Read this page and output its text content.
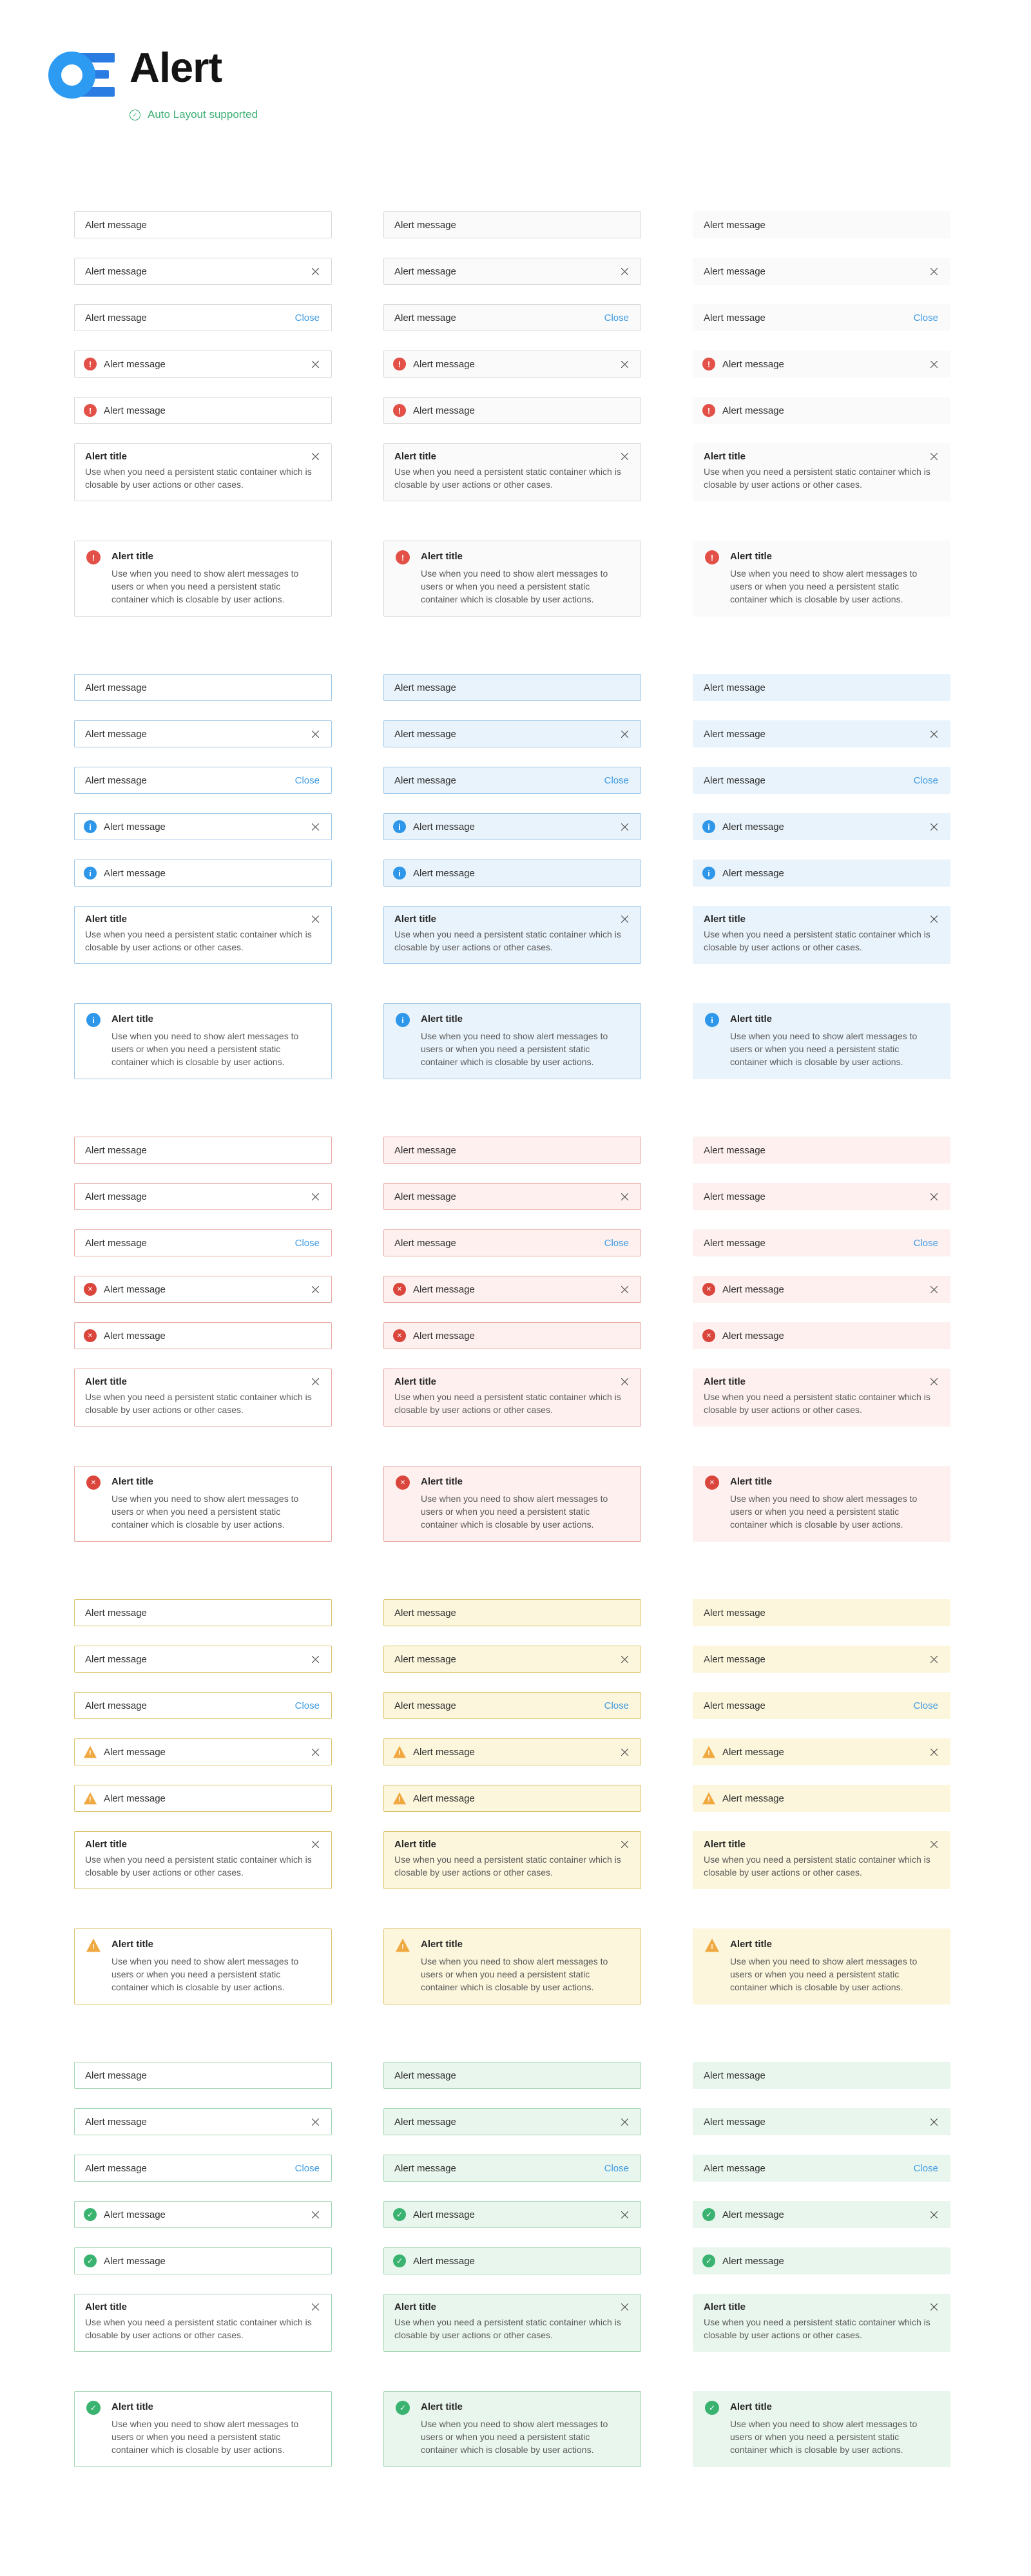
Alert
✓
Auto Layout supported
Alert message
Alert message
Alert message	Close
!
Alert message
!
Alert message
Alert title
Use when you need a persistent static container which is closable by user actions or other cases.
!
Alert title
Use when you need to show alert messages to users or when you need a persistent static container which is closable by user actions.
Alert message
Alert message
Alert message	Close
i
Alert message
i
Alert message
Alert title
Use when you need a persistent static container which is closable by user actions or other cases.
i
Alert title
Use when you need to show alert messages to users or when you need a persistent static container which is closable by user actions.
Alert message
Alert message
Alert message	Close
✕
Alert message
✕
Alert message
Alert title
Use when you need a persistent static container which is closable by user actions or other cases.
✕
Alert title
Use when you need to show alert messages to users or when you need a persistent static container which is closable by user actions.
Alert message
Alert message
Alert message	Close
!
Alert message
!
Alert message
Alert title
Use when you need a persistent static container which is closable by user actions or other cases.
!
Alert title
Use when you need to show alert messages to users or when you need a persistent static container which is closable by user actions.
Alert message
Alert message
Alert message	Close
✓
Alert message
✓
Alert message
Alert title
Use when you need a persistent static container which is closable by user actions or other cases.
✓
Alert title
Use when you need to show alert messages to users or when you need a persistent static container which is closable by user actions.
Alert message
Alert message
Alert message	Close
!
Alert message
!
Alert message
Alert title
Use when you need a persistent static container which is closable by user actions or other cases.
!
Alert title
Use when you need to show alert messages to users or when you need a persistent static container which is closable by user actions.
Alert message
Alert message
Alert message	Close
i
Alert message
i
Alert message
Alert title
Use when you need a persistent static container which is closable by user actions or other cases.
i
Alert title
Use when you need to show alert messages to users or when you need a persistent static container which is closable by user actions.
Alert message
Alert message
Alert message	Close
✕
Alert message
✕
Alert message
Alert title
Use when you need a persistent static container which is closable by user actions or other cases.
✕
Alert title
Use when you need to show alert messages to users or when you need a persistent static container which is closable by user actions.
Alert message
Alert message
Alert message	Close
!
Alert message
!
Alert message
Alert title
Use when you need a persistent static container which is closable by user actions or other cases.
!
Alert title
Use when you need to show alert messages to users or when you need a persistent static container which is closable by user actions.
Alert message
Alert message
Alert message	Close
✓
Alert message
✓
Alert message
Alert title
Use when you need a persistent static container which is closable by user actions or other cases.
✓
Alert title
Use when you need to show alert messages to users or when you need a persistent static container which is closable by user actions.
Alert message
Alert message
Alert message	Close
!
Alert message
!
Alert message
Alert title
Use when you need a persistent static container which is closable by user actions or other cases.
!
Alert title
Use when you need to show alert messages to users or when you need a persistent static container which is closable by user actions.
Alert message
Alert message
Alert message	Close
i
Alert message
i
Alert message
Alert title
Use when you need a persistent static container which is closable by user actions or other cases.
i
Alert title
Use when you need to show alert messages to users or when you need a persistent static container which is closable by user actions.
Alert message
Alert message
Alert message	Close
✕
Alert message
✕
Alert message
Alert title
Use when you need a persistent static container which is closable by user actions or other cases.
✕
Alert title
Use when you need to show alert messages to users or when you need a persistent static container which is closable by user actions.
Alert message
Alert message
Alert message	Close
!
Alert message
!
Alert message
Alert title
Use when you need a persistent static container which is closable by user actions or other cases.
!
Alert title
Use when you need to show alert messages to users or when you need a persistent static container which is closable by user actions.
Alert message
Alert message
Alert message	Close
✓
Alert message
✓
Alert message
Alert title
Use when you need a persistent static container which is closable by user actions or other cases.
✓
Alert title
Use when you need to show alert messages to users or when you need a persistent static container which is closable by user actions.
